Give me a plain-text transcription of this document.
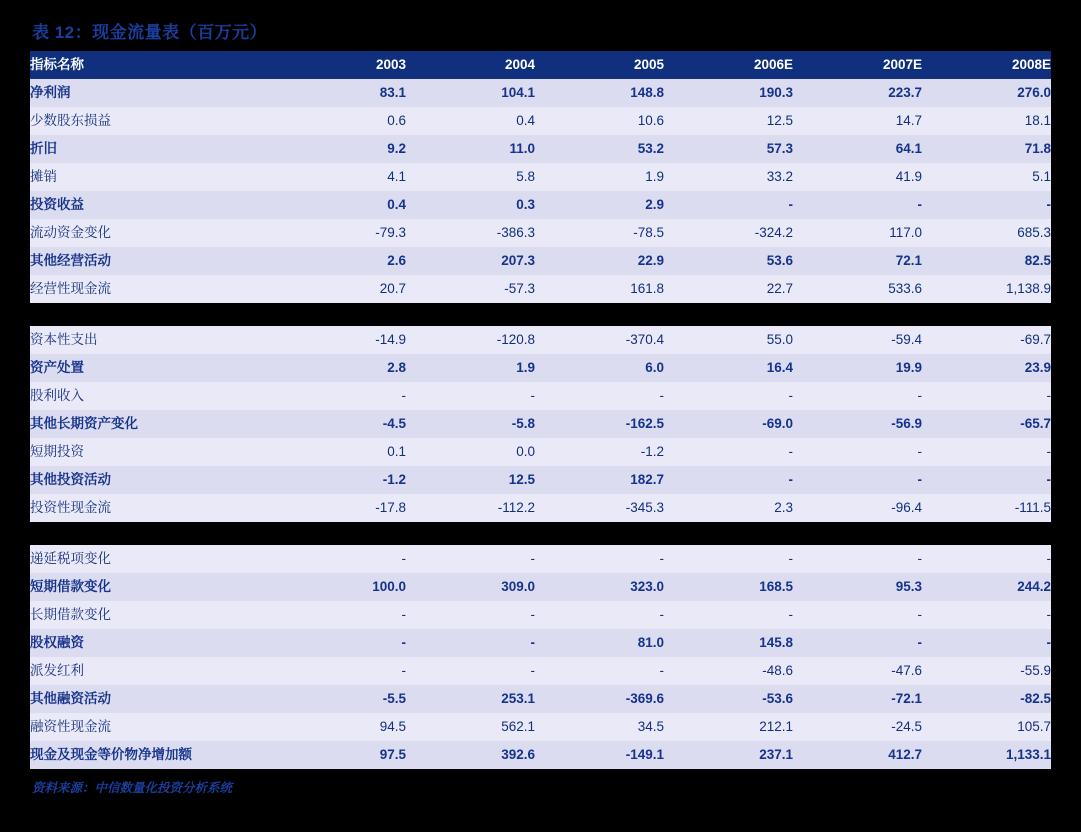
表 12：现金流量表（百万元）
指标名称	2003	2004	2005	2006E	2007E	2008E
净利润	83.1	104.1	148.8	190.3	223.7	276.0
少数股东损益	0.6	0.4	10.6	12.5	14.7	18.1
折旧	9.2	11.0	53.2	57.3	64.1	71.8
摊销	4.1	5.8	1.9	33.2	41.9	5.1
投资收益	0.4	0.3	2.9	-	-	-
流动资金变化	-79.3	-386.3	-78.5	-324.2	117.0	685.3
其他经营活动	2.6	207.3	22.9	53.6	72.1	82.5
经营性现金流	20.7	-57.3	161.8	22.7	533.6	1,138.9

资本性支出	-14.9	-120.8	-370.4	55.0	-59.4	-69.7
资产处置	2.8	1.9	6.0	16.4	19.9	23.9
股利收入	-	-	-	-	-	-
其他长期资产变化	-4.5	-5.8	-162.5	-69.0	-56.9	-65.7
短期投资	0.1	0.0	-1.2	-	-	-
其他投资活动	-1.2	12.5	182.7	-	-	-
投资性现金流	-17.8	-112.2	-345.3	2.3	-96.4	-111.5

递延税项变化	-	-	-	-	-	-
短期借款变化	100.0	309.0	323.0	168.5	95.3	244.2
长期借款变化	-	-	-	-	-	-
股权融资	-	-	81.0	145.8	-	-
派发红利	-	-	-	-48.6	-47.6	-55.9
其他融资活动	-5.5	253.1	-369.6	-53.6	-72.1	-82.5
融资性现金流	94.5	562.1	34.5	212.1	-24.5	105.7
现金及现金等价物净增加额	97.5	392.6	-149.1	237.1	412.7	1,133.1
资料来源：中信数量化投资分析系统
